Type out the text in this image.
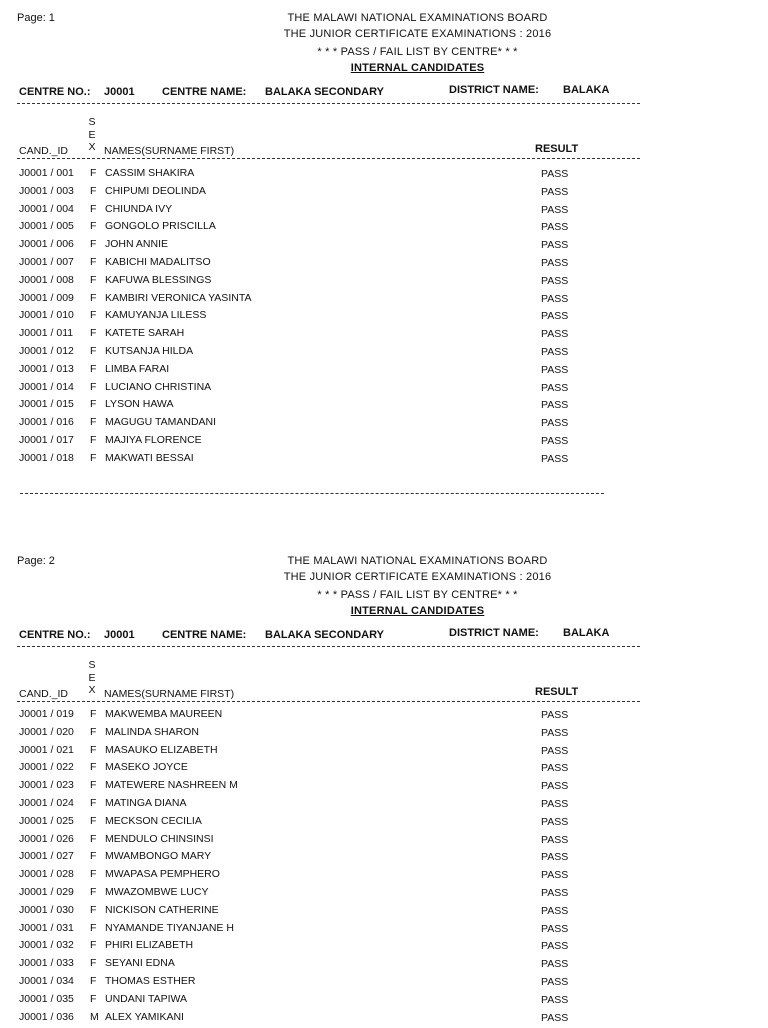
Page: 1	THE MALAWI NATIONAL EXAMINATIONS BOARD
THE JUNIOR CERTIFICATE EXAMINATIONS : 2016
* * * PASS / FAIL LIST BY CENTRE* * *
INTERNAL CANDIDATES
CENTRE NO.: J0001 CENTRE NAME: BALAKA SECONDARY	DISTRICT NAME: BALAKA
S
E
X
CAND._ID	NAMES(SURNAME FIRST)	RESULT
J0001 / 001 F CASSIM SHAKIRA	PASS
J0001 / 003 F CHIPUMI DEOLINDA	PASS
J0001 / 004 F CHIUNDA IVY	PASS
J0001 / 005 F GONGOLO PRISCILLA	PASS
J0001 / 006 F JOHN ANNIE	PASS
J0001 / 007 F KABICHI MADALITSO	PASS
J0001 / 008 F KAFUWA BLESSINGS	PASS
J0001 / 009 F KAMBIRI VERONICA YASINTA	PASS
J0001 / 010 F KAMUYANJA LILESS	PASS
J0001 / 011 F KATETE SARAH	PASS
J0001 / 012 F KUTSANJA HILDA	PASS
J0001 / 013 F LIMBA FARAI	PASS
J0001 / 014 F LUCIANO CHRISTINA	PASS
J0001 / 015 F LYSON HAWA	PASS
J0001 / 016 F MAGUGU TAMANDANI	PASS
J0001 / 017 F MAJIYA FLORENCE	PASS
J0001 / 018 F MAKWATI BESSAI	PASS
Page: 2	THE MALAWI NATIONAL EXAMINATIONS BOARD
THE JUNIOR CERTIFICATE EXAMINATIONS : 2016
* * * PASS / FAIL LIST BY CENTRE* * *
INTERNAL CANDIDATES
CENTRE NO.: J0001 CENTRE NAME: BALAKA SECONDARY	DISTRICT NAME: BALAKA
S
E
X
CAND._ID	NAMES(SURNAME FIRST)	RESULT
J0001 / 019 F MAKWEMBA MAUREEN	PASS
J0001 / 020 F MALINDA SHARON	PASS
J0001 / 021 F MASAUKO ELIZABETH	PASS
J0001 / 022 F MASEKO JOYCE	PASS
J0001 / 023 F MATEWERE NASHREEN M	PASS
J0001 / 024 F MATINGA DIANA	PASS
J0001 / 025 F MECKSON CECILIA	PASS
J0001 / 026 F MENDULO CHINSINSI	PASS
J0001 / 027 F MWAMBONGO MARY	PASS
J0001 / 028 F MWAPASA PEMPHERO	PASS
J0001 / 029 F MWAZOMBWE LUCY	PASS
J0001 / 030 F NICKISON CATHERINE	PASS
J0001 / 031 F NYAMANDE TIYANJANE H	PASS
J0001 / 032 F PHIRI ELIZABETH	PASS
J0001 / 033 F SEYANI EDNA	PASS
J0001 / 034 F THOMAS ESTHER	PASS
J0001 / 035 F UNDANI TAPIWA	PASS
J0001 / 036 M ALEX YAMIKANI	PASS
